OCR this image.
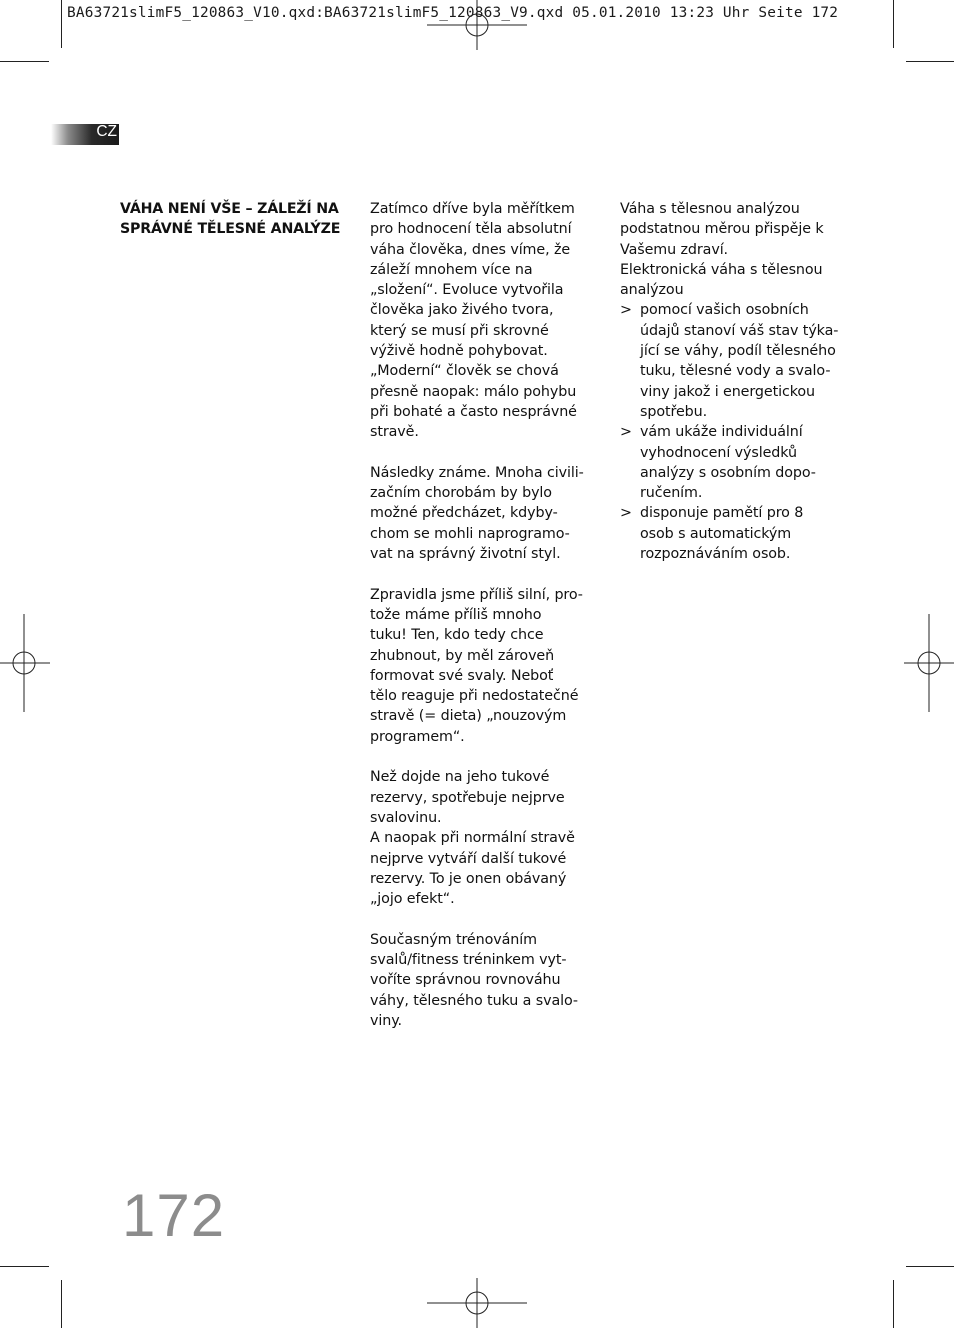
BA63721slimF5_120863_V10.qxd:BA63721slimF5_120863_V9.qxd 05.01.2010 13:23 Uhr Seite 172
CZ
VÁHA NENÍ VŠE – ZÁLEŽÍ NA SPRÁVNÉ TĚLESNÉ ANALÝZE

Zatímco dříve byla měřítkem
pro hodnocení těla absolutní
váha člověka, dnes víme, že
záleží mnohem více na
„složení“. Evoluce vytvořila
člověka jako živého tvora,
který se musí při skrovné
výživě hodně pohybovat.
„Moderní“ člověk se chová
přesně naopak: málo pohybu
při bohaté a často nesprávné
stravě.

Následky známe. Mnoha civili-
začním chorobám by bylo
možné předcházet, kdyby-
chom se mohli naprogramo-
vat na správný životní styl.

Zpravidla jsme příliš silní, pro-
tože máme příliš mnoho
tuku! Ten, kdo tedy chce
zhubnout, by měl zároveň
formovat své svaly. Neboť
tělo reaguje při nedostatečné
stravě (= dieta) „nouzovým
programem“.

Než dojde na jeho tukové
rezervy, spotřebuje nejprve
svalovinu.
A naopak při normální stravě
nejprve vytváří další tukové
rezervy. To je onen obávaný
„jojo efekt“.

Současným trénováním
svalů/fitness tréninkem vyt-
voříte správnou rovnováhu
váhy, tělesného tuku a svalo-
viny.

Váha s tělesnou analýzou
podstatnou měrou přispěje k
Vašemu zdraví.
Elektronická váha s tělesnou
analýzou

> pomocí vašich osobních
údajů stanoví váš stav týka-
jící se váhy, podíl tělesného
tuku, tělesné vody a svalo-
viny jakož i energetickou
spotřebu.
> vám ukáže individuální
vyhodnocení výsledků
analýzy s osobním dopo-
ručením.
> disponuje pamětí pro 8
osob s automatickým
rozpoznáváním osob.
172
